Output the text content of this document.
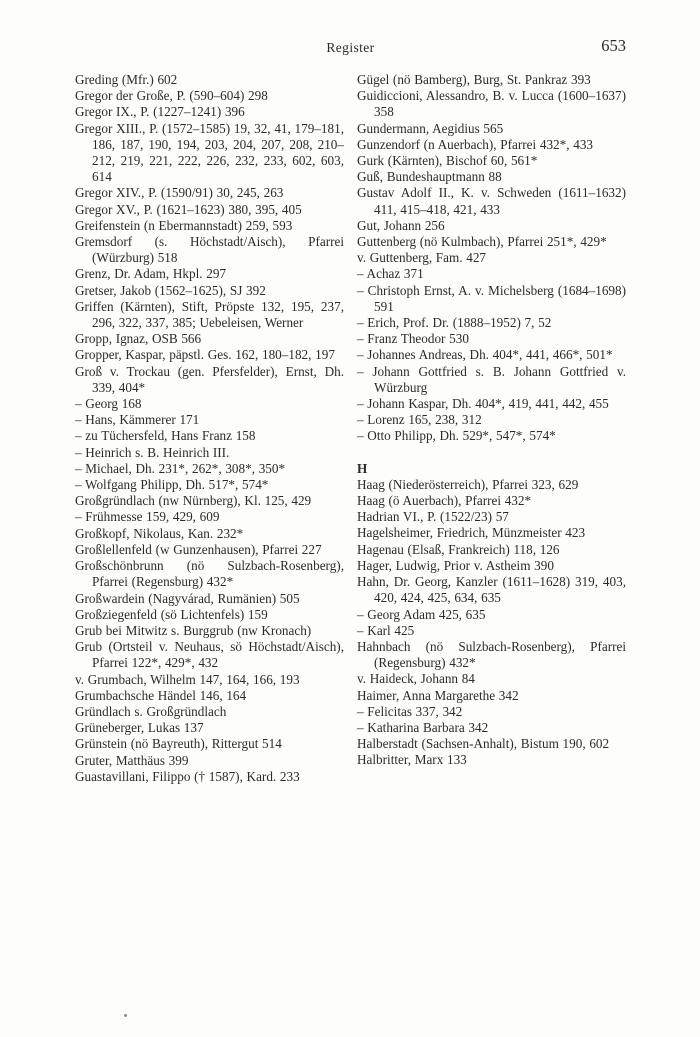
Register	653

Greding (Mfr.) 602

Gregor der Große, P. (590–604) 298

Gregor IX., P. (1227–1241) 396

Gregor XIII., P. (1572–1585) 19, 32, 41, 179–181, 186, 187, 190, 194, 203, 204, 207, 208, 210–212, 219, 221, 222, 226, 232, 233, 602, 603, 614

Gregor XIV., P. (1590/91) 30, 245, 263

Gregor XV., P. (1621–1623) 380, 395, 405

Greifenstein (n Ebermannstadt) 259, 593

Gremsdorf (s. Höchstadt/Aisch), Pfarrei (Würzburg) 518

Grenz, Dr. Adam, Hkpl. 297

Gretser, Jakob (1562–1625), SJ 392

Griffen (Kärnten), Stift, Pröpste 132, 195, 237, 296, 322, 337, 385; Uebeleisen, Werner

Gropp, Ignaz, OSB 566

Gropper, Kaspar, päpstl. Ges. 162, 180–182, 197

Groß v. Trockau (gen. Pfersfelder), Ernst, Dh. 339, 404*

– Georg 168

– Hans, Kämmerer 171

– zu Tüchersfeld, Hans Franz 158

– Heinrich s. B. Heinrich III.

– Michael, Dh. 231*, 262*, 308*, 350*

– Wolfgang Philipp, Dh. 517*, 574*

Großgründlach (nw Nürnberg), Kl. 125, 429

– Frühmesse 159, 429, 609

Großkopf, Nikolaus, Kan. 232*

Großlellenfeld (w Gunzenhausen), Pfarrei 227

Großschönbrunn (nö Sulzbach-Rosenberg), Pfarrei (Regensburg) 432*

Großwardein (Nagyvárad, Rumänien) 505

Großziegenfeld (sö Lichtenfels) 159

Grub bei Mitwitz s. Burggrub (nw Kronach)

Grub (Ortsteil v. Neuhaus, sö Höchstadt/Aisch), Pfarrei 122*, 429*, 432

v. Grumbach, Wilhelm 147, 164, 166, 193

Grumbachsche Händel 146, 164

Gründlach s. Großgründlach

Grüneberger, Lukas 137

Grünstein (nö Bayreuth), Rittergut 514

Gruter, Matthäus 399

Guastavillani, Filippo († 1587), Kard. 233

Gügel (nö Bamberg), Burg, St. Pankraz 393

Guidiccioni, Alessandro, B. v. Lucca (1600–1637) 358

Gundermann, Aegidius 565

Gunzendorf (n Auerbach), Pfarrei 432*, 433

Gurk (Kärnten), Bischof 60, 561*

Guß, Bundeshauptmann 88

Gustav Adolf II., K. v. Schweden (1611–1632) 411, 415–418, 421, 433

Gut, Johann 256

Guttenberg (nö Kulmbach), Pfarrei 251*, 429*

v. Guttenberg, Fam. 427

– Achaz 371

– Christoph Ernst, A. v. Michelsberg (1684–1698) 591

– Erich, Prof. Dr. (1888–1952) 7, 52

– Franz Theodor 530

– Johannes Andreas, Dh. 404*, 441, 466*, 501*

– Johann Gottfried s. B. Johann Gottfried v. Würzburg

– Johann Kaspar, Dh. 404*, 419, 441, 442, 455

– Lorenz 165, 238, 312

– Otto Philipp, Dh. 529*, 547*, 574*

H

Haag (Niederösterreich), Pfarrei 323, 629

Haag (ö Auerbach), Pfarrei 432*

Hadrian VI., P. (1522/23) 57

Hagelsheimer, Friedrich, Münzmeister 423

Hagenau (Elsaß, Frankreich) 118, 126

Hager, Ludwig, Prior v. Astheim 390

Hahn, Dr. Georg, Kanzler (1611–1628) 319, 403, 420, 424, 425, 634, 635

– Georg Adam 425, 635

– Karl 425

Hahnbach (nö Sulzbach-Rosenberg), Pfarrei (Regensburg) 432*

v. Haideck, Johann 84

Haimer, Anna Margarethe 342

– Felicitas 337, 342

– Katharina Barbara 342

Halberstadt (Sachsen-Anhalt), Bistum 190, 602

Halbritter, Marx 133
